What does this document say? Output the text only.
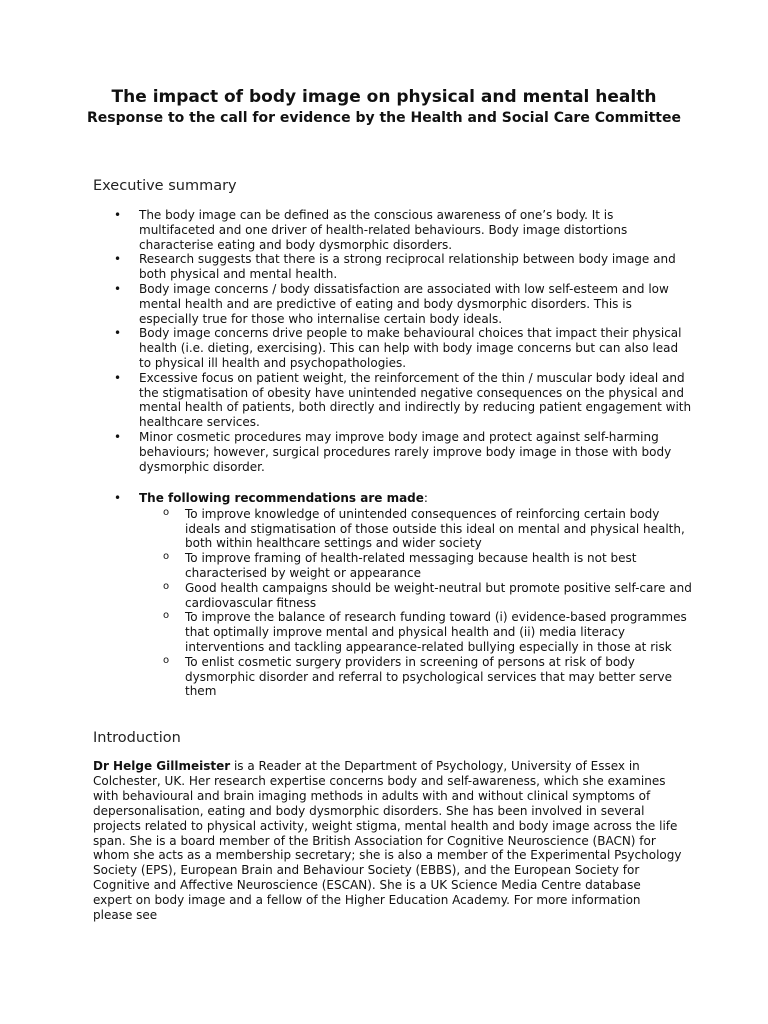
The impact of body image on physical and mental health
Response to the call for evidence by the Health and Social Care Committee
Executive summary
• The body image can be defined as the conscious awareness of one’s body. It is multifaceted and one driver of health-related behaviours. Body image distortions characterise eating and body dysmorphic disorders.
• Research suggests that there is a strong reciprocal relationship between body image and both physical and mental health.
• Body image concerns / body dissatisfaction are associated with low self-esteem and low mental health and are predictive of eating and body dysmorphic disorders. This is especially true for those who internalise certain body ideals.
• Body image concerns drive people to make behavioural choices that impact their physical health (i.e. dieting, exercising). This can help with body image concerns but can also lead to physical ill health and psychopathologies.
• Excessive focus on patient weight, the reinforcement of the thin / muscular body ideal and the stigmatisation of obesity have unintended negative consequences on the physical and mental health of patients, both directly and indirectly by reducing patient engagement with healthcare services.
• Minor cosmetic procedures may improve body image and protect against self-harming behaviours; however, surgical procedures rarely improve body image in those with body dysmorphic disorder.
• The following recommendations are made:
o To improve knowledge of unintended consequences of reinforcing certain body ideals and stigmatisation of those outside this ideal on mental and physical health, both within healthcare settings and wider society
o To improve framing of health-related messaging because health is not best characterised by weight or appearance
o Good health campaigns should be weight-neutral but promote positive self-care and cardiovascular fitness
o To improve the balance of research funding toward (i) evidence-based programmes that optimally improve mental and physical health and (ii) media literacy interventions and tackling appearance-related bullying especially in those at risk
o To enlist cosmetic surgery providers in screening of persons at risk of body dysmorphic disorder and referral to psychological services that may better serve them
Introduction

Dr Helge Gillmeister is a Reader at the Department of Psychology, University of Essex in Colchester, UK. Her research expertise concerns body and self-awareness, which she examines with behavioural and brain imaging methods in adults with and without clinical symptoms of depersonalisation, eating and body dysmorphic disorders. She has been involved in several projects related to physical activity, weight stigma, mental health and body image across the life span. She is a board member of the British Association for Cognitive Neuroscience (BACN) for whom she acts as a membership secretary; she is also a member of the Experimental Psychology Society (EPS), European Brain and Behaviour Society (EBBS), and the European Society for Cognitive and Affective Neuroscience (ESCAN). She is a UK Science Media Centre database expert on body image and a fellow of the Higher Education Academy. For more information please see
